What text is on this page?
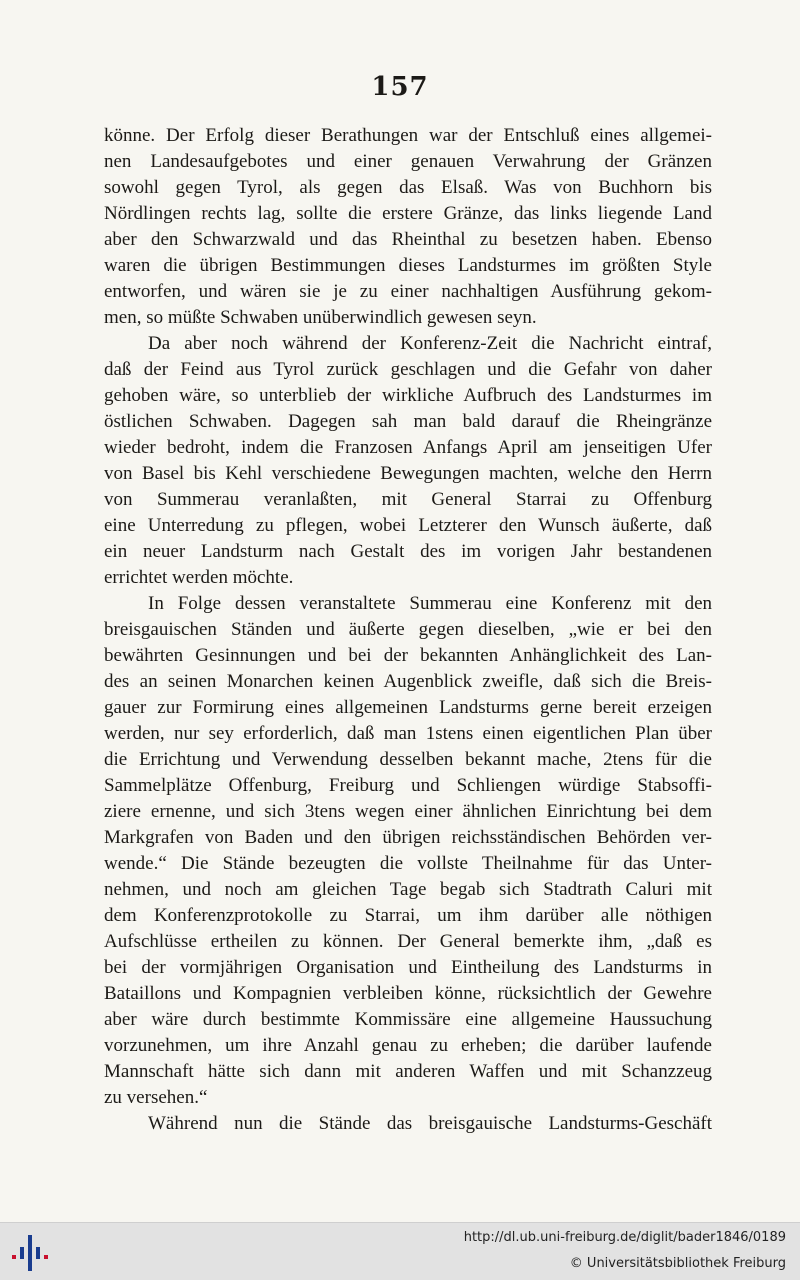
157
könne. Der Erfolg dieser Berathungen war der Entschluß eines allgemei-
nen Landesaufgebotes und einer genauen Verwahrung der Gränzen
sowohl gegen Tyrol, als gegen das Elsaß. Was von Buchhorn bis
Nördlingen rechts lag, sollte die erstere Gränze, das links liegende Land
aber den Schwarzwald und das Rheinthal zu besetzen haben. Ebenso
waren die übrigen Bestimmungen dieses Landsturmes im größten Style
entworfen, und wären sie je zu einer nachhaltigen Ausführung gekom-
men, so müßte Schwaben unüberwindlich gewesen seyn.
Da aber noch während der Konferenz-Zeit die Nachricht eintraf,
daß der Feind aus Tyrol zurück geschlagen und die Gefahr von daher
gehoben wäre, so unterblieb der wirkliche Aufbruch des Landsturmes im
östlichen Schwaben. Dagegen sah man bald darauf die Rheingränze
wieder bedroht, indem die Franzosen Anfangs April am jenseitigen Ufer
von Basel bis Kehl verschiedene Bewegungen machten, welche den Herrn
von Summerau veranlaßten, mit General Starrai zu Offenburg
eine Unterredung zu pflegen, wobei Letzterer den Wunsch äußerte, daß
ein neuer Landsturm nach Gestalt des im vorigen Jahr bestandenen
errichtet werden möchte.
In Folge dessen veranstaltete Summerau eine Konferenz mit den
breisgauischen Ständen und äußerte gegen dieselben, „wie er bei den
bewährten Gesinnungen und bei der bekannten Anhänglichkeit des Lan-
des an seinen Monarchen keinen Augenblick zweifle, daß sich die Breis-
gauer zur Formirung eines allgemeinen Landsturms gerne bereit erzeigen
werden, nur sey erforderlich, daß man 1stens einen eigentlichen Plan über
die Errichtung und Verwendung desselben bekannt mache, 2tens für die
Sammelplätze Offenburg, Freiburg und Schliengen würdige Stabsoffi-
ziere ernenne, und sich 3tens wegen einer ähnlichen Einrichtung bei dem
Markgrafen von Baden und den übrigen reichsständischen Behörden ver-
wende.“ Die Stände bezeugten die vollste Theilnahme für das Unter-
nehmen, und noch am gleichen Tage begab sich Stadtrath Caluri mit
dem Konferenzprotokolle zu Starrai, um ihm darüber alle nöthigen
Aufschlüsse ertheilen zu können. Der General bemerkte ihm, „daß es
bei der vormjährigen Organisation und Eintheilung des Landsturms in
Bataillons und Kompagnien verbleiben könne, rücksichtlich der Gewehre
aber wäre durch bestimmte Kommissäre eine allgemeine Haussuchung
vorzunehmen, um ihre Anzahl genau zu erheben; die darüber laufende
Mannschaft hätte sich dann mit anderen Waffen und mit Schanzzeug
zu versehen.“
Während nun die Stände das breisgauische Landsturms-Geschäft
http://dl.ub.uni-freiburg.de/diglit/bader1846/0189
© Universitätsbibliothek Freiburg
